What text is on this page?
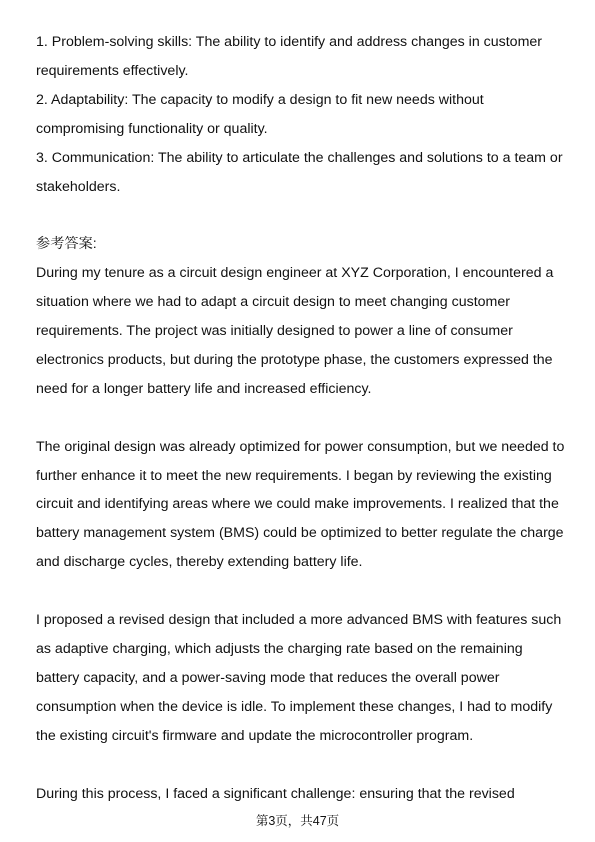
1. Problem-solving skills: The ability to identify and address changes in customer requirements effectively.

2. Adaptability: The capacity to modify a design to fit new needs without compromising functionality or quality.

3. Communication: The ability to articulate the challenges and solutions to a team or stakeholders.

参考答案:

During my tenure as a circuit design engineer at XYZ Corporation, I encountered a situation where we had to adapt a circuit design to meet changing customer requirements. The project was initially designed to power a line of consumer electronics products, but during the prototype phase, the customers expressed the need for a longer battery life and increased efficiency.

The original design was already optimized for power consumption, but we needed to further enhance it to meet the new requirements. I began by reviewing the existing circuit and identifying areas where we could make improvements. I realized that the battery management system (BMS) could be optimized to better regulate the charge and discharge cycles, thereby extending battery life.

I proposed a revised design that included a more advanced BMS with features such as adaptive charging, which adjusts the charging rate based on the remaining battery capacity, and a power-saving mode that reduces the overall power consumption when the device is idle. To implement these changes, I had to modify the existing circuit's firmware and update the microcontroller program.

During this process, I faced a significant challenge: ensuring that the revised

第3页，共47页
